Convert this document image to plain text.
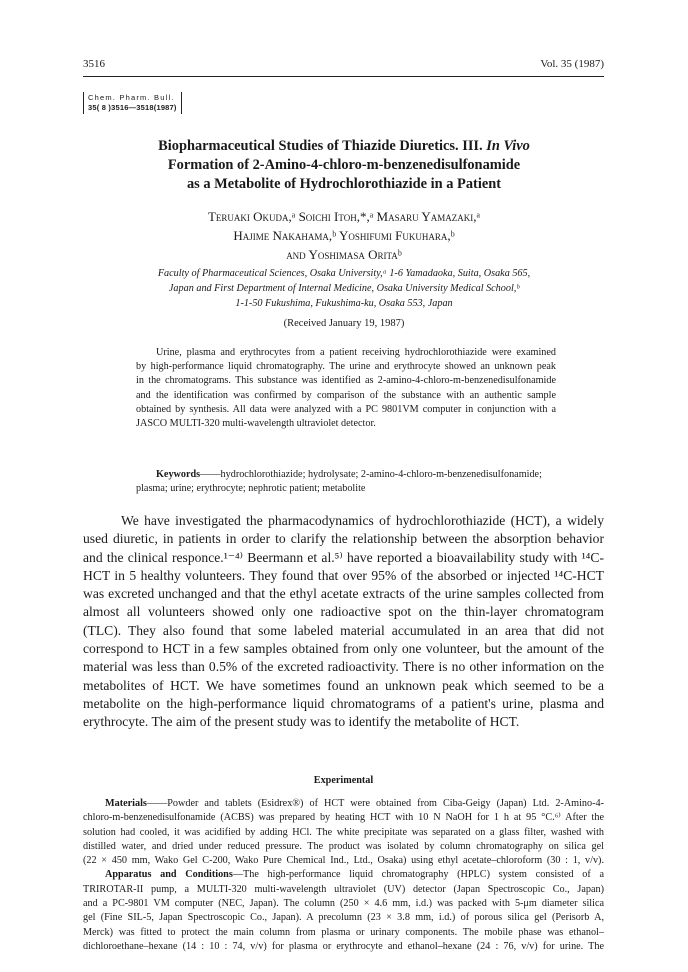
3516	Vol. 35 (1987)
Chem. Pharm. Bull.
35( 8 )3516—3518(1987)
Biopharmaceutical Studies of Thiazide Diuretics. III. In Vivo
Formation of 2-Amino-4-chloro-m-benzenedisulfonamide
as a Metabolite of Hydrochlorothiazide in a Patient
Teruaki Okuda,ᵃ Soichi Itoh,*,ᵃ Masaru Yamazaki,ᵃ
Hajime Nakahama,ᵇ Yoshifumi Fukuhara,ᵇ
and Yoshimasa Oritaᵇ
Faculty of Pharmaceutical Sciences, Osaka University,ᵃ 1-6 Yamadaoka, Suita, Osaka 565,
Japan and First Department of Internal Medicine, Osaka University Medical School,ᵇ
1-1-50 Fukushima, Fukushima-ku, Osaka 553, Japan
(Received January 19, 1987)
Urine, plasma and erythrocytes from a patient receiving hydrochlorothiazide were examined
by high-performance liquid chromatography. The urine and erythrocyte showed an unknown peak
in the chromatograms. This substance was identified as 2-amino-4-chloro-m-benzenedisulfonamide
and the identification was confirmed by comparison of the substance with an authentic sample
obtained by synthesis. All data were analyzed with a PC 9801VM computer in conjunction with a
JASCO MULTI-320 multi-wavelength ultraviolet detector.
Keywords——hydrochlorothiazide; hydrolysate; 2-amino-4-chloro-m-benzenedisulfonamide;
plasma; urine; erythrocyte; nephrotic patient; metabolite
We have investigated the pharmacodynamics of hydrochlorothiazide (HCT), a widely
used diuretic, in patients in order to clarify the relationship between the absorption behavior
and the clinical responce.¹⁻⁴⁾ Beermann et al.⁵⁾ have reported a bioavailability study with ¹⁴C-
HCT in 5 healthy volunteers. They found that over 95% of the absorbed or injected ¹⁴C-HCT
was excreted unchanged and that the ethyl acetate extracts of the urine samples collected from
almost all volunteers showed only one radioactive spot on the thin-layer chromatogram
(TLC). They also found that some labeled material accumulated in an area that did not
correspond to HCT in a few samples obtained from only one volunteer, but the amount of the
material was less than 0.5% of the excreted radioactivity. There is no other information on the
metabolites of HCT. We have sometimes found an unknown peak which seemed to be a
metabolite on the high-performance liquid chromatograms of a patient's urine, plasma and
erythrocyte. The aim of the present study was to identify the metabolite of HCT.
Experimental
Materials——Powder and tablets (Esidrex®) of HCT were obtained from Ciba-Geigy (Japan) Ltd. 2-Amino-4-
chloro-m-benzenedisulfonamide (ACBS) was prepared by heating HCT with 10 N NaOH for 1 h at 95 °C.⁶⁾ After the
solution had cooled, it was acidified by adding HCl. The white precipitate was separated on a glass filter, washed with
distilled water, and dried under reduced pressure. The product was isolated by column chromatography on silica gel
(22 × 450 mm, Wako Gel C-200, Wako Pure Chemical Ind., Ltd., Osaka) using ethyl acetate–chloroform (30 : 1, v/v).
Apparatus and Conditions—The high-performance liquid chromatography (HPLC) system consisted of a
TRIROTAR-II pump, a MULTI-320 multi-wavelength ultraviolet (UV) detector (Japan Spectroscopic Co., Japan)
and a PC-9801 VM computer (NEC, Japan). The column (250 × 4.6 mm, i.d.) was packed with 5-μm diameter silica
gel (Fine SIL-5, Japan Spectroscopic Co., Japan). A precolumn (23 × 3.8 mm, i.d.) of porous silica gel (Perisorb A,
Merck) was fitted to protect the main column from plasma or urinary components. The mobile phase was ethanol–
dichloroethane–hexane (14 : 10 : 74, v/v) for plasma or erythrocyte and ethanol–hexane (24 : 76, v/v) for urine. The
